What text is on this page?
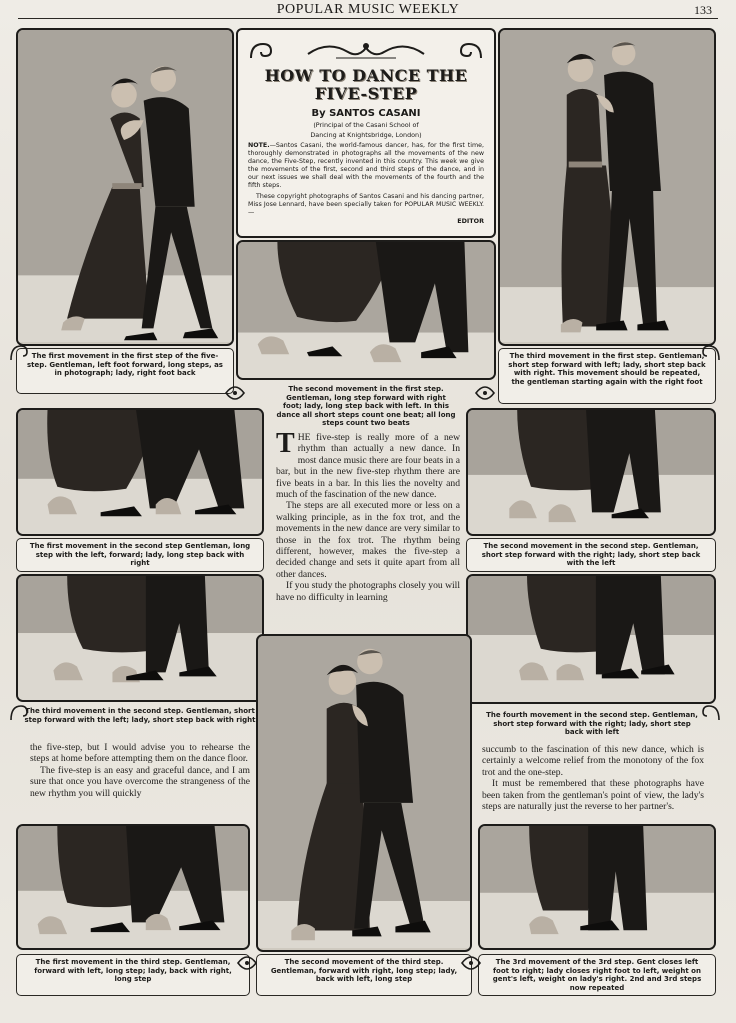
POPULAR MUSIC WEEKLY	133
HOW TO DANCE THE
FIVE-STEP
By SANTOS CASANI
(Principal of the Casani School of
Dancing at Knightsbridge, London)
NOTE.—Santos Casani, the world-famous dancer, has, for the first time, thoroughly demonstrated in photographs all the movements of the new dance, the Five-Step, recently invented in this country. This week we give the movements of the first, second and third steps of the dance, and in our next issues we shall deal with the movements of the fourth and the fifth steps.
These copyright photographs of Santos Casani and his dancing partner, Miss Jose Lennard, have been specially taken for POPULAR MUSIC WEEKLY.—
EDITOR
The first movement in the first step of the five-step. Gentleman, left foot forward, long steps, as in photograph; lady, right foot back
The second movement in the first step. Gentleman, long step forward with right foot; lady, long step back with left. In this dance all short steps count one beat; all long steps count two beats
The third movement in the first step. Gentleman, short step forward with left; lady, short step back with right. This movement should be repeated, the gentleman starting again with the right foot
The first movement in the second step Gentleman, long step with the left, forward; lady, long step back with right
THE five-step is really more of a new rhythm than actually a new dance. In most dance music there are four beats in a bar, but in the new five-step rhythm there are five beats in a bar. In this lies the novelty and much of the fascination of the new dance.

The steps are all executed more or less on a walking principle, as in the fox trot, and the movements in the new dance are very similar to those in the fox trot. The rhythm being different, however, makes the five-step a decided change and sets it quite apart from all other dances.

If you study the photographs closely you will have no difficulty in learning

The second movement in the second step. Gentleman, short step forward with the right; lady, short step back with the left
The third movement in the second step. Gentleman, short step forward with the left; lady, short step back with right
The fourth movement in the second step. Gentleman, short step forward with the right; lady, short step back with left

the five-step, but I would advise you to rehearse the steps at home before attempting them on the dance floor.

The five-step is an easy and graceful dance, and I am sure that once you have overcome the strangeness of the new rhythm you will quickly

succumb to the fascination of this new dance, which is certainly a welcome relief from the monotony of the fox trot and the one-step.

It must be remembered that these photographs have been taken from the gentleman's point of view, the lady's steps are naturally just the reverse to her partner's.

The first movement in the third step. Gentleman, forward with left, long step; lady, back with right, long step
The second movement of the third step. Gentleman, forward with right, long step; lady, back with left, long step
The 3rd movement of the 3rd step. Gent closes left foot to right; lady closes right foot to left, weight on gent's left, weight on lady's right. 2nd and 3rd steps now repeated
